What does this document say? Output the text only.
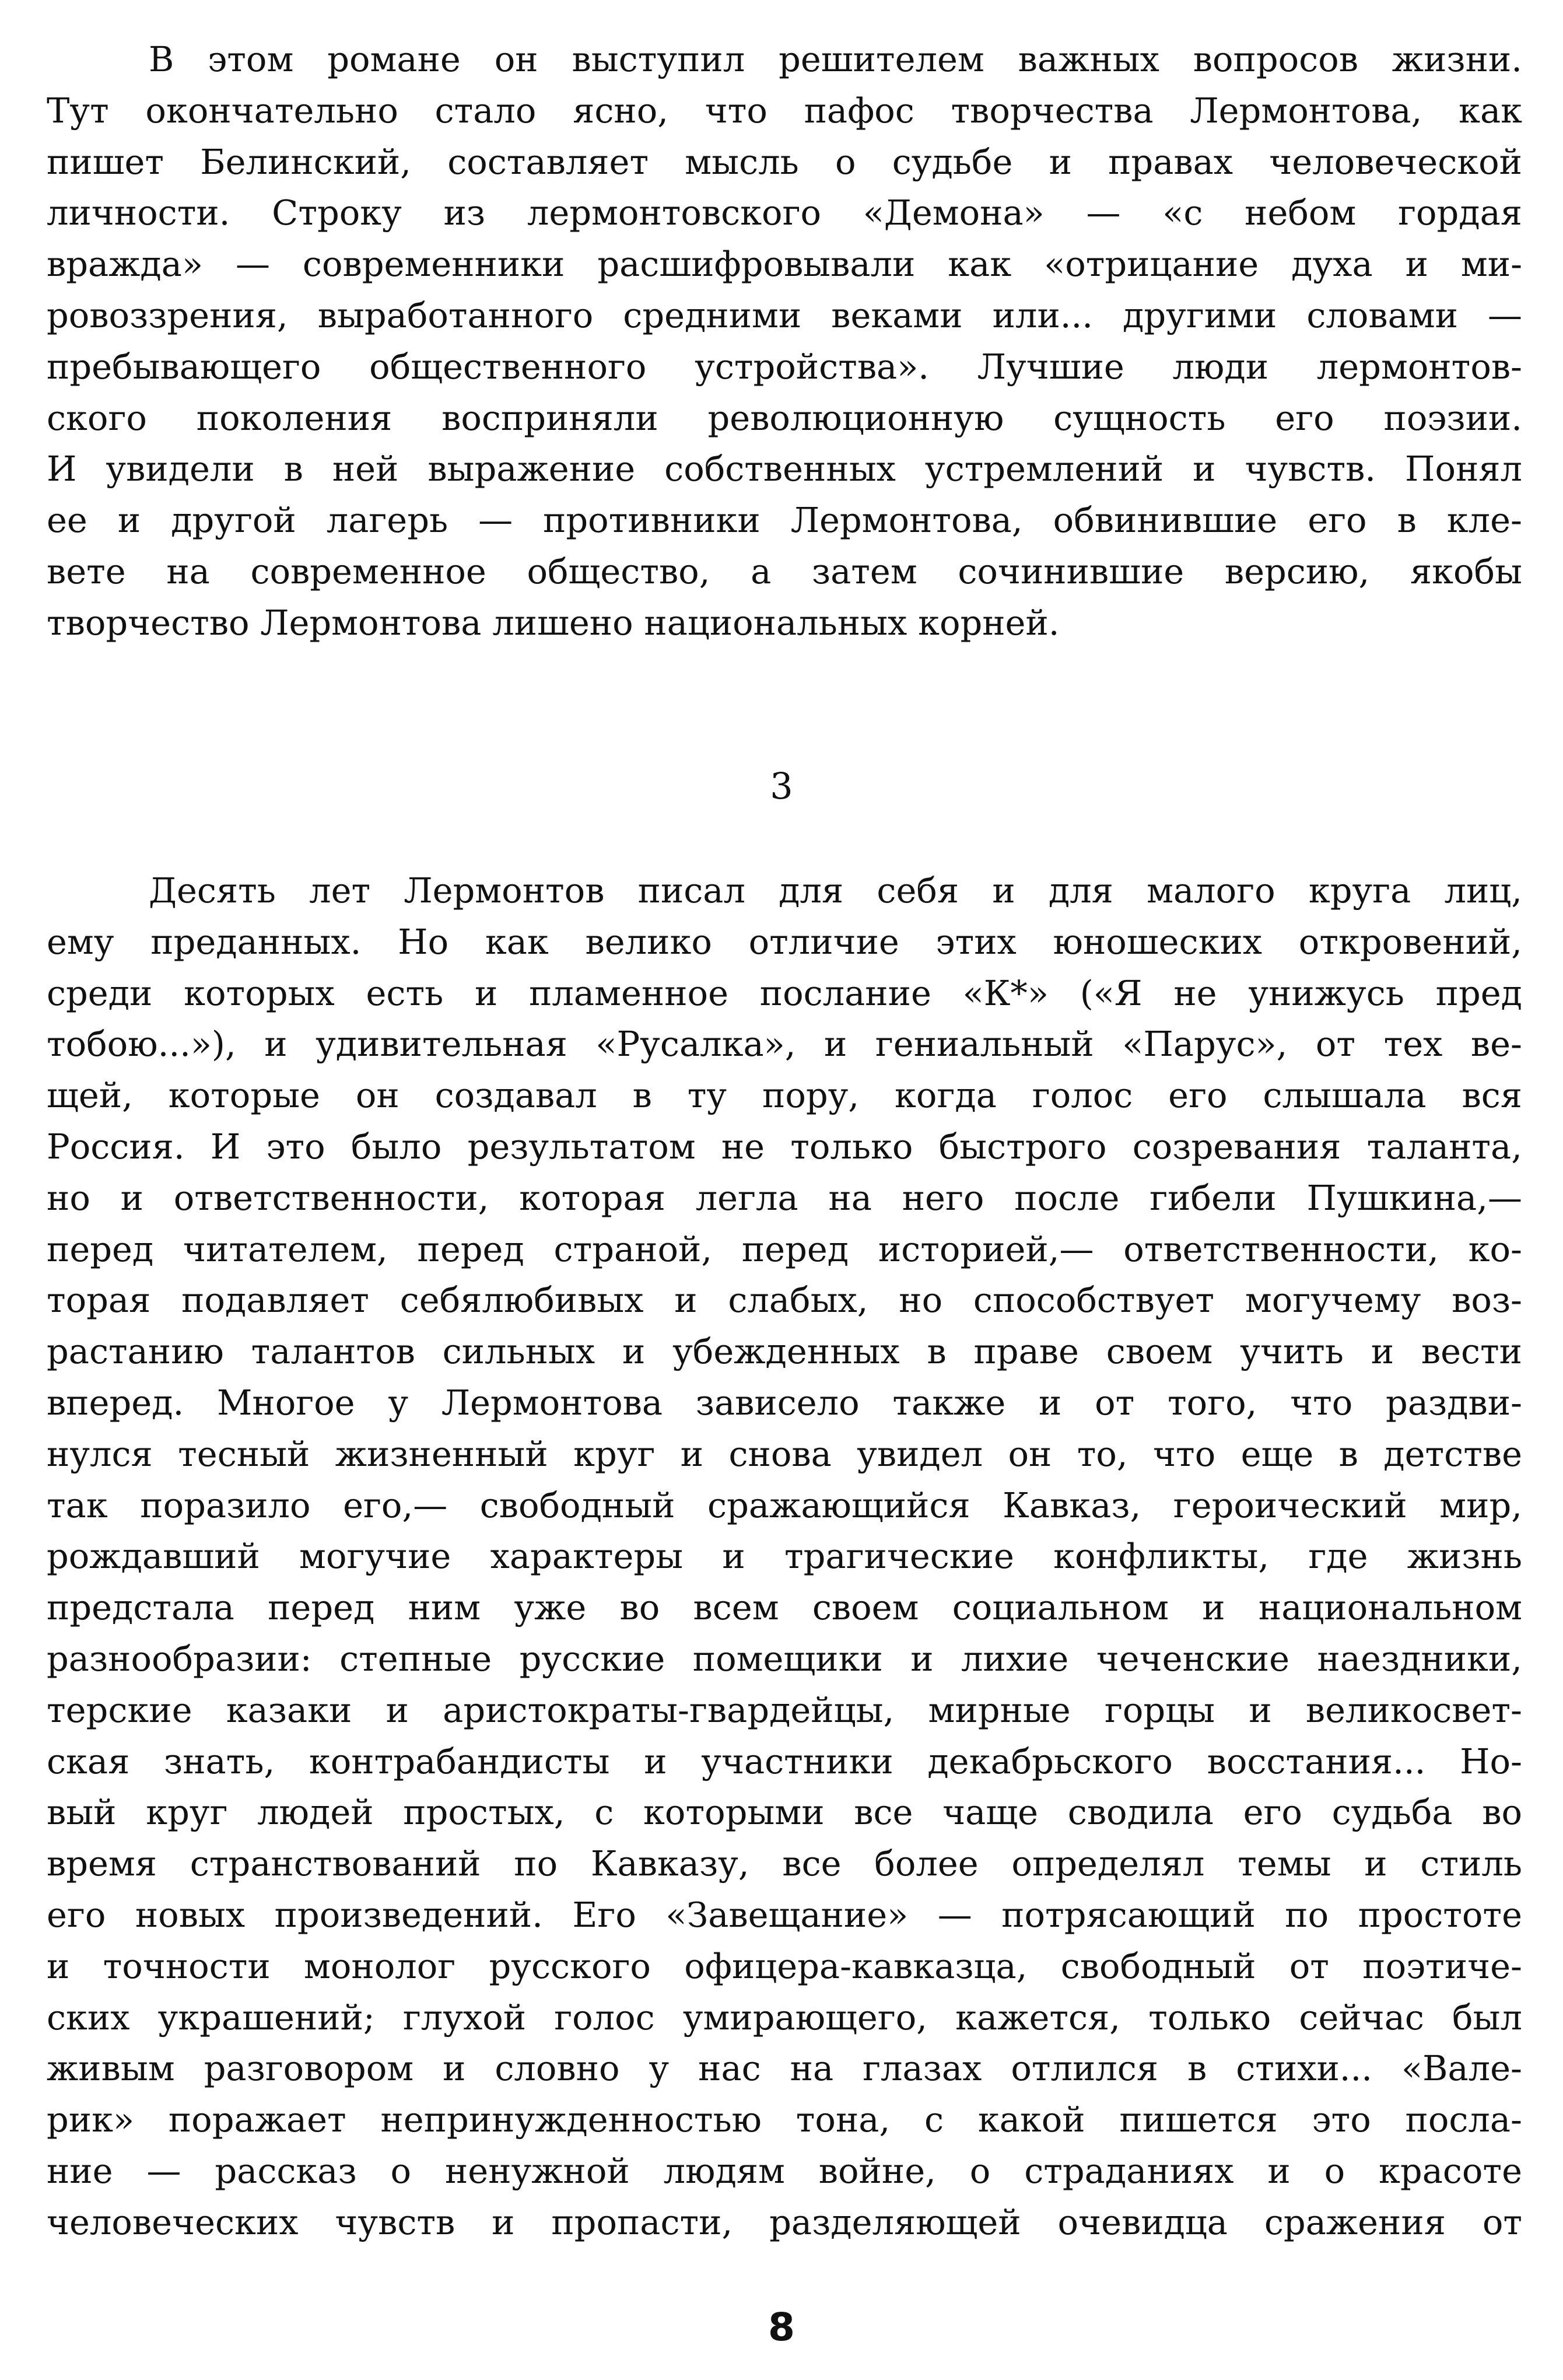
В этом романе он выступил решителем важных вопросов жизни.
Тут окончательно стало ясно, что пафос творчества Лермонтова, как
пишет Белинский, составляет мысль о судьбе и правах человеческой
личности. Строку из лермонтовского «Демона» — «с небом гордая
вражда» — современники расшифровывали как «отрицание духа и ми-
ровоззрения, выработанного средними веками или... другими словами —
пребывающего общественного устройства». Лучшие люди лермонтов-
ского поколения восприняли революционную сущность его поэзии.
И увидели в ней выражение собственных устремлений и чувств. Понял
ее и другой лагерь — противники Лермонтова, обвинившие его в кле-
вете на современное общество, а затем сочинившие версию, якобы
творчество Лермонтова лишено национальных корней.
3
Десять лет Лермонтов писал для себя и для малого круга лиц,
ему преданных. Но как велико отличие этих юношеских откровений,
среди которых есть и пламенное послание «К*» («Я не унижусь пред
тобою...»), и удивительная «Русалка», и гениальный «Парус», от тех ве-
щей, которые он создавал в ту пору, когда голос его слышала вся
Россия. И это было результатом не только быстрого созревания таланта,
но и ответственности, которая легла на него после гибели Пушкина,—
перед читателем, перед страной, перед историей,— ответственности, ко-
торая подавляет себялюбивых и слабых, но способствует могучему воз-
растанию талантов сильных и убежденных в праве своем учить и вести
вперед. Многое у Лермонтова зависело также и от того, что раздви-
нулся тесный жизненный круг и снова увидел он то, что еще в детстве
так поразило его,— свободный сражающийся Кавказ, героический мир,
рождавший могучие характеры и трагические конфликты, где жизнь
предстала перед ним уже во всем своем социальном и национальном
разнообразии: степные русские помещики и лихие чеченские наездники,
терские казаки и аристократы-гвардейцы, мирные горцы и великосвет-
ская знать, контрабандисты и участники декабрьского восстания... Но-
вый круг людей простых, с которыми все чаще сводила его судьба во
время странствований по Кавказу, все более определял темы и стиль
его новых произведений. Его «Завещание» — потрясающий по простоте
и точности монолог русского офицера-кавказца, свободный от поэтиче-
ских украшений; глухой голос умирающего, кажется, только сейчас был
живым разговором и словно у нас на глазах отлился в стихи... «Вале-
рик» поражает непринужденностью тона, с какой пишется это посла-
ние — рассказ о ненужной людям войне, о страданиях и о красоте
человеческих чувств и пропасти, разделяющей очевидца сражения от
8
